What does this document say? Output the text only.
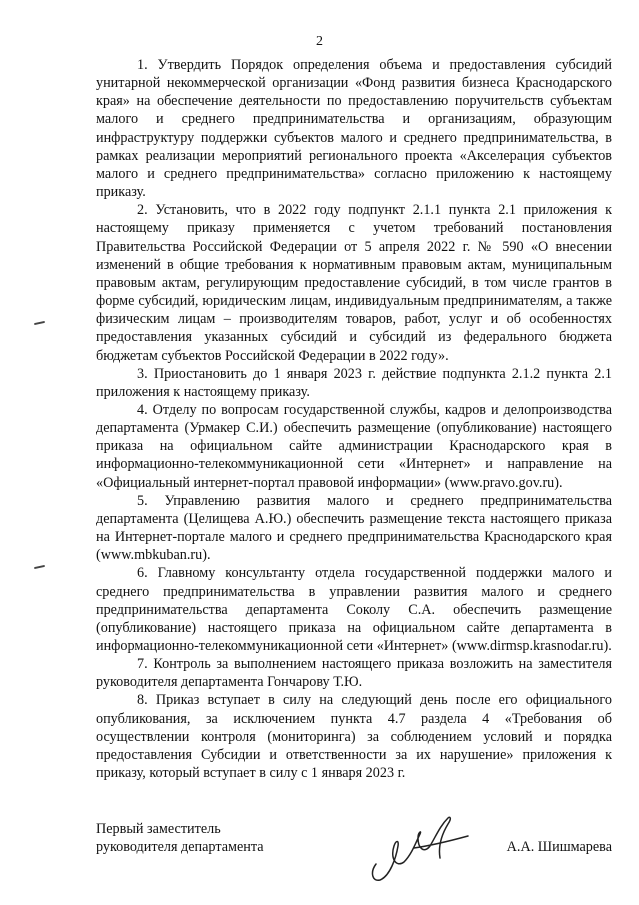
2

1. Утвердить Порядок определения объема и предоставления субсидий унитарной некоммерческой организации «Фонд развития бизнеса Краснодарского края» на обеспечение деятельности по предоставлению поручительств субъектам малого и среднего предпринимательства и организациям, образующим инфраструктуру поддержки субъектов малого и среднего предпринимательства, в рамках реализации мероприятий регионального проекта «Акселерация субъектов малого и среднего предпринимательства» согласно приложению к настоящему приказу.

2. Установить, что в 2022 году подпункт 2.1.1 пункта 2.1 приложения к настоящему приказу применяется с учетом требований постановления Правительства Российской Федерации от 5 апреля 2022 г. № 590 «О внесении изменений в общие требования к нормативным правовым актам, муниципальным правовым актам, регулирующим предоставление субсидий, в том числе грантов в форме субсидий, юридическим лицам, индивидуальным предпринимателям, а также физическим лицам – производителям товаров, работ, услуг и об особенностях предоставления указанных субсидий и субсидий из федерального бюджета бюджетам субъектов Российской Федерации в 2022 году».

3. Приостановить до 1 января 2023 г. действие подпункта 2.1.2 пункта 2.1 приложения к настоящему приказу.

4. Отделу по вопросам государственной службы, кадров и делопроизводства департамента (Урмакер С.И.) обеспечить размещение (опубликование) настоящего приказа на официальном сайте администрации Краснодарского края в информационно-телекоммуникационной сети «Интернет» и направление на «Официальный интернет-портал правовой информации» (www.pravo.gov.ru).

5. Управлению развития малого и среднего предпринимательства департамента (Целищева А.Ю.) обеспечить размещение текста настоящего приказа на Интернет-портале малого и среднего предпринимательства Краснодарского края (www.mbkuban.ru).

6. Главному консультанту отдела государственной поддержки малого и среднего предпринимательства в управлении развития малого и среднего предпринимательства департамента Соколу С.А. обеспечить размещение (опубликование) настоящего приказа на официальном сайте департамента в информационно-телекоммуникационной сети «Интернет» (www.dirmsp.krasnodar.ru).

7. Контроль за выполнением настоящего приказа возложить на заместителя руководителя департамента Гончарову Т.Ю.

8. Приказ вступает в силу на следующий день после его официального опубликования, за исключением пункта 4.7 раздела 4 «Требования об осуществлении контроля (мониторинга) за соблюдением условий и порядка предоставления Субсидии и ответственности за их нарушение» приложения к приказу, который вступает в силу с 1 января 2023 г.

Первый заместитель
руководителя департамента	А.А. Шишмарева
